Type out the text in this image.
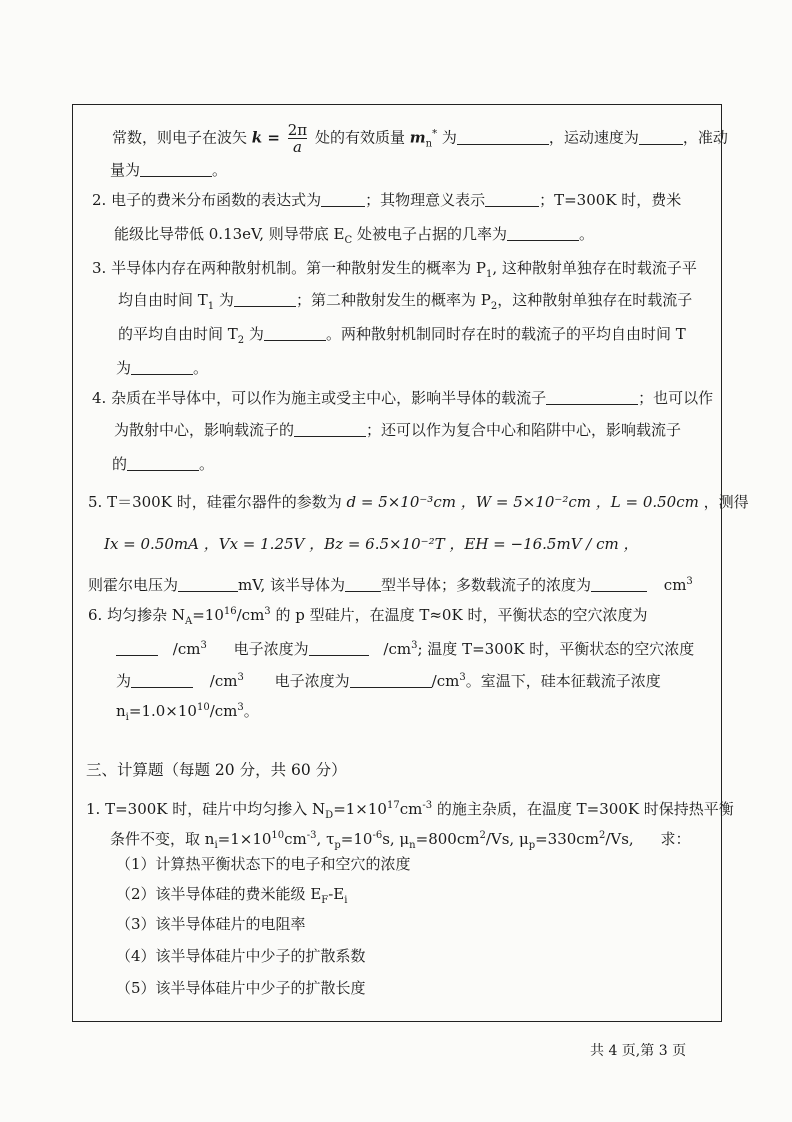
常数，则电子在波矢 $k = \frac{2\pi}{a}$ 处的有效质量 $m_n^*$ 为	，运动速度为	，准动
量为	。
2. 电子的费米分布函数的表达式为	；其物理意义表示	；T=300K 时，费米
能级比导带低 0.13eV, 则导带底 $E_C$ 处被电子占据的几率为	。
3. 半导体内存在两种散射机制。第一种散射发生的概率为 $P_1$, 这种散射单独存在时载流子平
均自由时间 $T_1$ 为	；第二种散射发生的概率为 $P_2$，这种散射单独存在时载流子
的平均自由时间 $T_2$ 为	。两种散射机制同时存在时的载流子的平均自由时间 T
为	。
4. 杂质在半导体中，可以作为施主或受主中心，影响半导体的载流子	；也可以作
为散射中心，影响载流子的	；还可以作为复合中心和陷阱中心，影响载流子
的	。
5. T＝300K 时，硅霍尔器件的参数为 d = 5×10⁻³cm ，W = 5×10⁻²cm ，L = 0.50cm ，测得
Ix = 0.50mA ，Vx = 1.25V ，Bz = 6.5×10⁻²T ，EH = −16.5mV / cm ，
则霍尔电压为	mV, 该半导体为 型半导体；多数载流子的浓度为	$cm^3$
6. 均匀掺杂 $N_A=10^{16}/cm^3$ 的 p 型硅片，在温度 T≈0K 时，平衡状态的空穴浓度为
$/cm^3$ 电子浓度为	$/cm^3$; 温度 T=300K 时，平衡状态的空穴浓度
为	$/cm^3$ 电子浓度为	$/cm^3$。室温下，硅本征载流子浓度
$n_i=1.0\times 10^{10}/cm^3$。
三、计算题（每题 20 分，共 60 分）
1. T=300K 时，硅片中均匀掺入 $N_D=1\times 10^{17}cm^{-3}$ 的施主杂质，在温度 T=300K 时保持热平衡
条件不变，取 $n_i=1\times 10^{10}cm^{-3}$, $\tau_p=10^{-6}s$, $\mu_n=800cm^2/Vs$, $\mu_p=330cm^2/Vs$, 求：
（1）计算热平衡状态下的电子和空穴的浓度
（2）该半导体硅的费米能级 $E_F-E_i$
（3）该半导体硅片的电阻率
（4）该半导体硅片中少子的扩散系数
（5）该半导体硅片中少子的扩散长度
共 4 页,第 3 页
